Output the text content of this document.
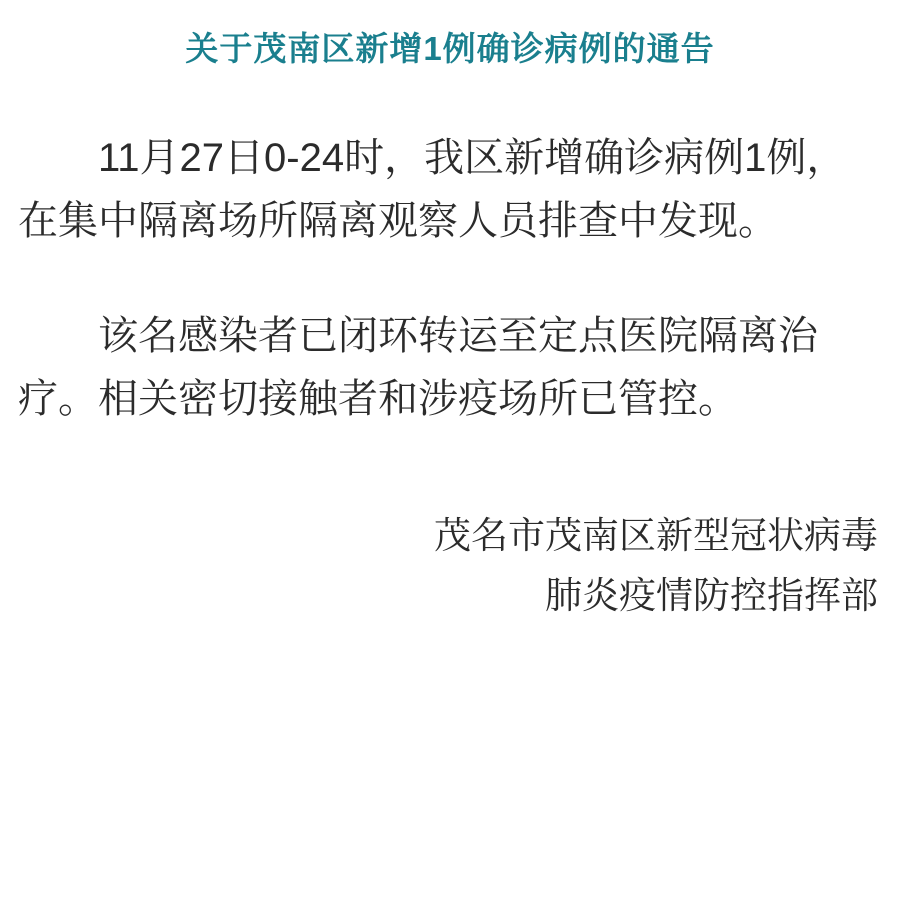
关于茂南区新增1例确诊病例的通告

11月27日0-24时，我区新增确诊病例1例，在集中隔离场所隔离观察人员排查中发现。

该名感染者已闭环转运至定点医院隔离治疗。相关密切接触者和涉疫场所已管控。

茂名市茂南区新型冠状病毒
肺炎疫情防控指挥部
